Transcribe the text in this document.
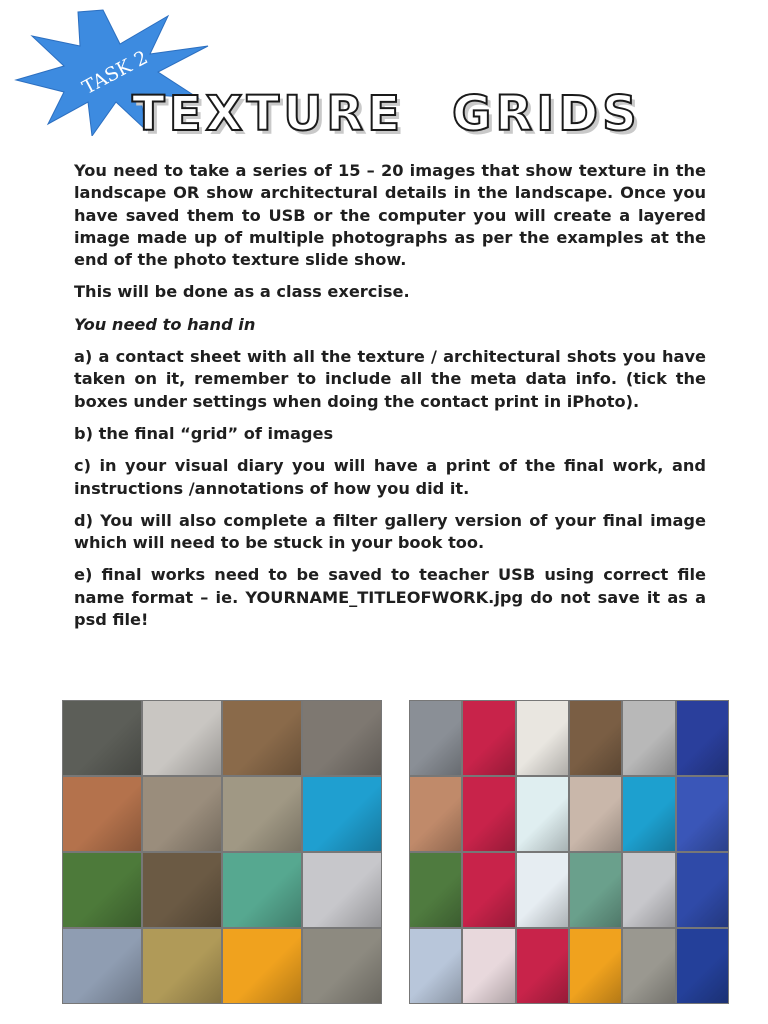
TASK 2
TEXTURE GRIDS

You need to take a series of 15 – 20 images that show texture in the landscape OR show architectural details in the landscape. Once you have saved them to USB or the computer you will create a layered image made up of multiple photographs as per the examples at the end of the photo texture slide show.

This will be done as a class exercise.

You need to hand in

a) a contact sheet with all the texture / architectural shots you have taken on it, remember to include all the meta data info. (tick the boxes under settings when doing the contact print in iPhoto).

b) the final “grid” of images

c) in your visual diary you will have a print of the final work, and instructions /annotations of how you did it.

d) You will also complete a filter gallery version of your final image which will need to be stuck in your book too.

e) final works need to be saved to teacher USB using correct file name format – ie. YOURNAME_TITLEOFWORK.jpg do not save it as a psd file!
